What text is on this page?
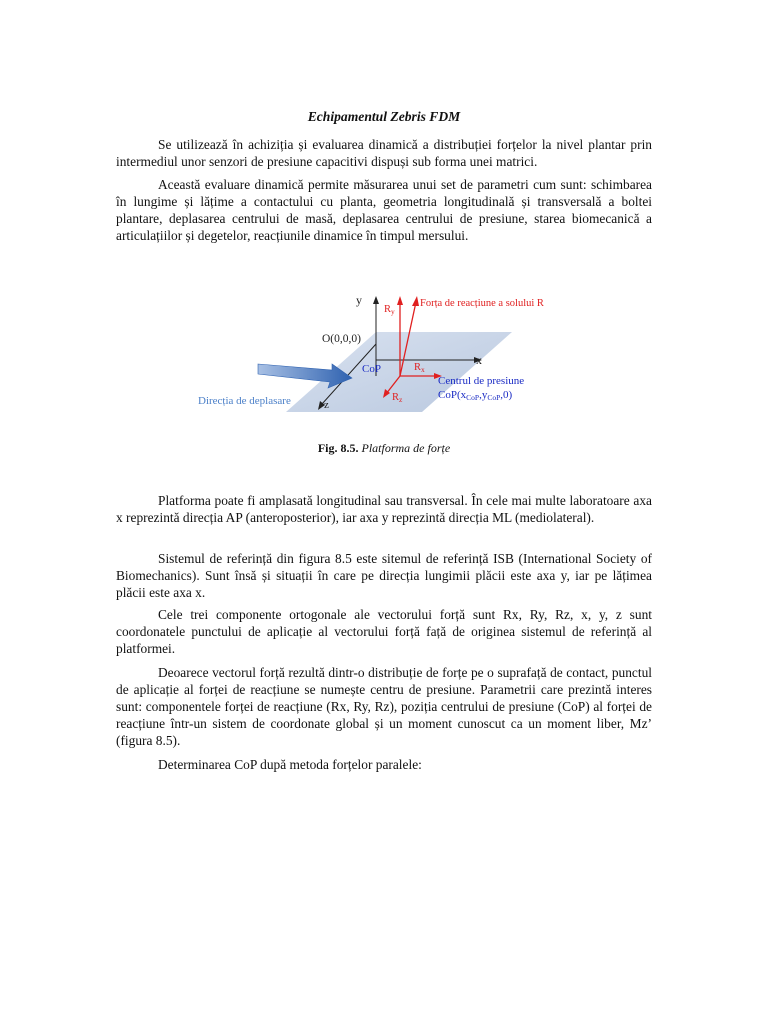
Echipamentul Zebris FDM
Se utilizează în achiziția și evaluarea dinamică a distribuției forțelor la nivel plantar prin intermediul unor senzori de presiune capacitivi dispuși sub forma unei matrici.
Această evaluare dinamică permite măsurarea unui set de parametri cum sunt: schimbarea în lungime și lățime a contactului cu planta, geometria longitudinală și transversală a boltei plantare, deplasarea centrului de masă, deplasarea centrului de presiune, starea biomecanică a articulațiilor și degetelor, reacțiunile dinamice în timpul mersului.
y
x
z
O(0,0,0)
Direcția de deplasare
Forța de reacțiune a solului R
Ry
Rx
Rz
CoP
Centrul de presiune
CoP(xCoP,yCoP,0)
Fig. 8.5. Platforma de forțe
Platforma poate fi amplasată longitudinal sau transversal. În cele mai multe laboratoare axa x reprezintă direcția AP (anteroposterior), iar axa y reprezintă direcția ML (mediolateral).
Sistemul de referință din figura 8.5 este sitemul de referință ISB (International Society of Biomechanics). Sunt însă și situații în care pe direcția lungimii plăcii este axa y, iar pe lățimea plăcii este axa x.
Cele trei componente ortogonale ale vectorului forță sunt Rx, Ry, Rz, x, y, z sunt coordonatele punctului de aplicație al vectorului forță față de originea sistemul de referință al platformei.
Deoarece vectorul forță rezultă dintr-o distribuție de forțe pe o suprafață de contact, punctul de aplicație al forței de reacțiune se numește centru de presiune. Parametrii care prezintă interes sunt: componentele forței de reacțiune (Rx, Ry, Rz), poziția centrului de presiune (CoP) al forței de reacțiune într-un sistem de coordonate global și un moment cunoscut ca un moment liber, Mz’ (figura 8.5).
Determinarea CoP după metoda forțelor paralele:
